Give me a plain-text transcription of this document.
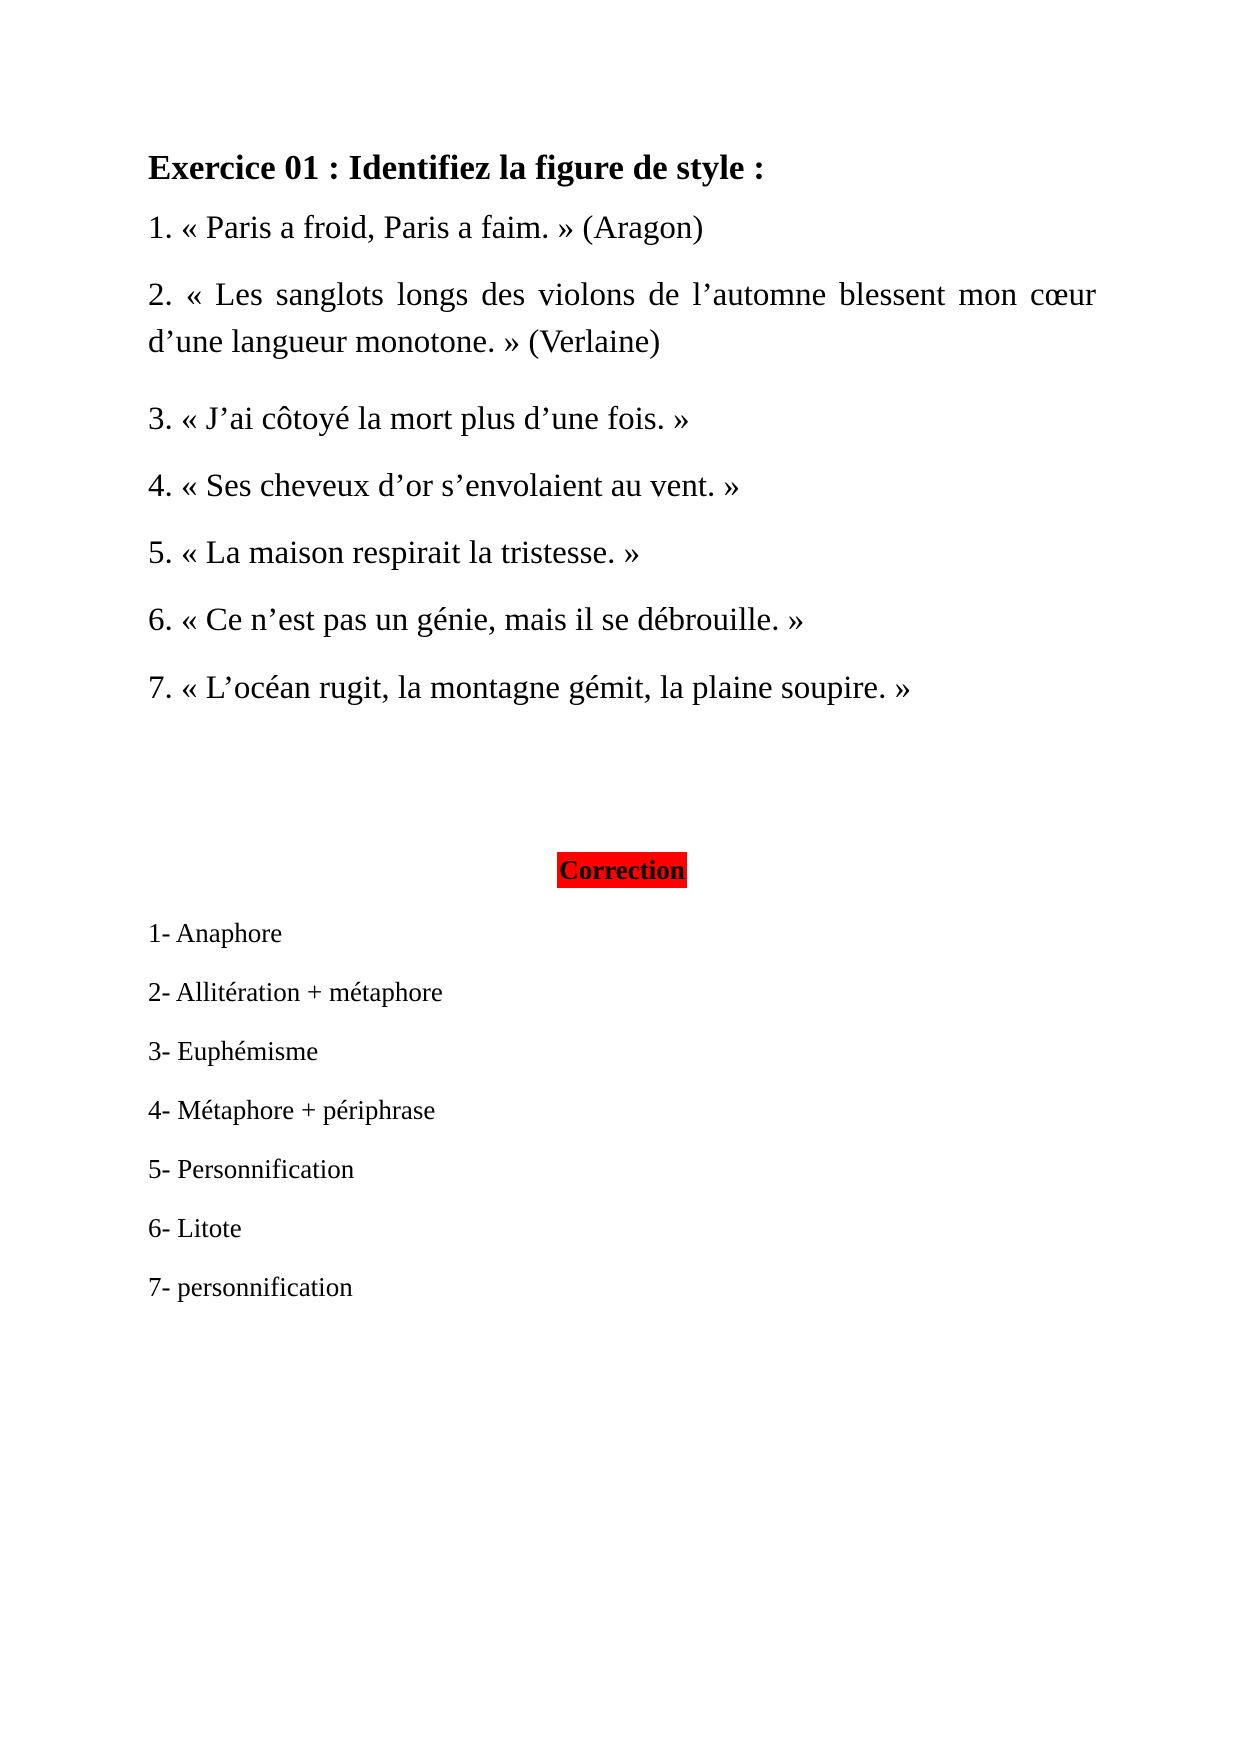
Exercice 01 : Identifiez la figure de style :
1. « Paris a froid, Paris a faim. » (Aragon)
2. « Les sanglots longs des violons de l’automne blessent mon cœur d’une langueur monotone. » (Verlaine)
3. « J’ai côtoyé la mort plus d’une fois. »
4. « Ses cheveux d’or s’envolaient au vent. »
5. « La maison respirait la tristesse. »
6. « Ce n’est pas un génie, mais il se débrouille. »
7. « L’océan rugit, la montagne gémit, la plaine soupire. »
Correction
1- Anaphore
2- Allitération + métaphore
3- Euphémisme
4- Métaphore + périphrase
5- Personnification
6- Litote
7- personnification
